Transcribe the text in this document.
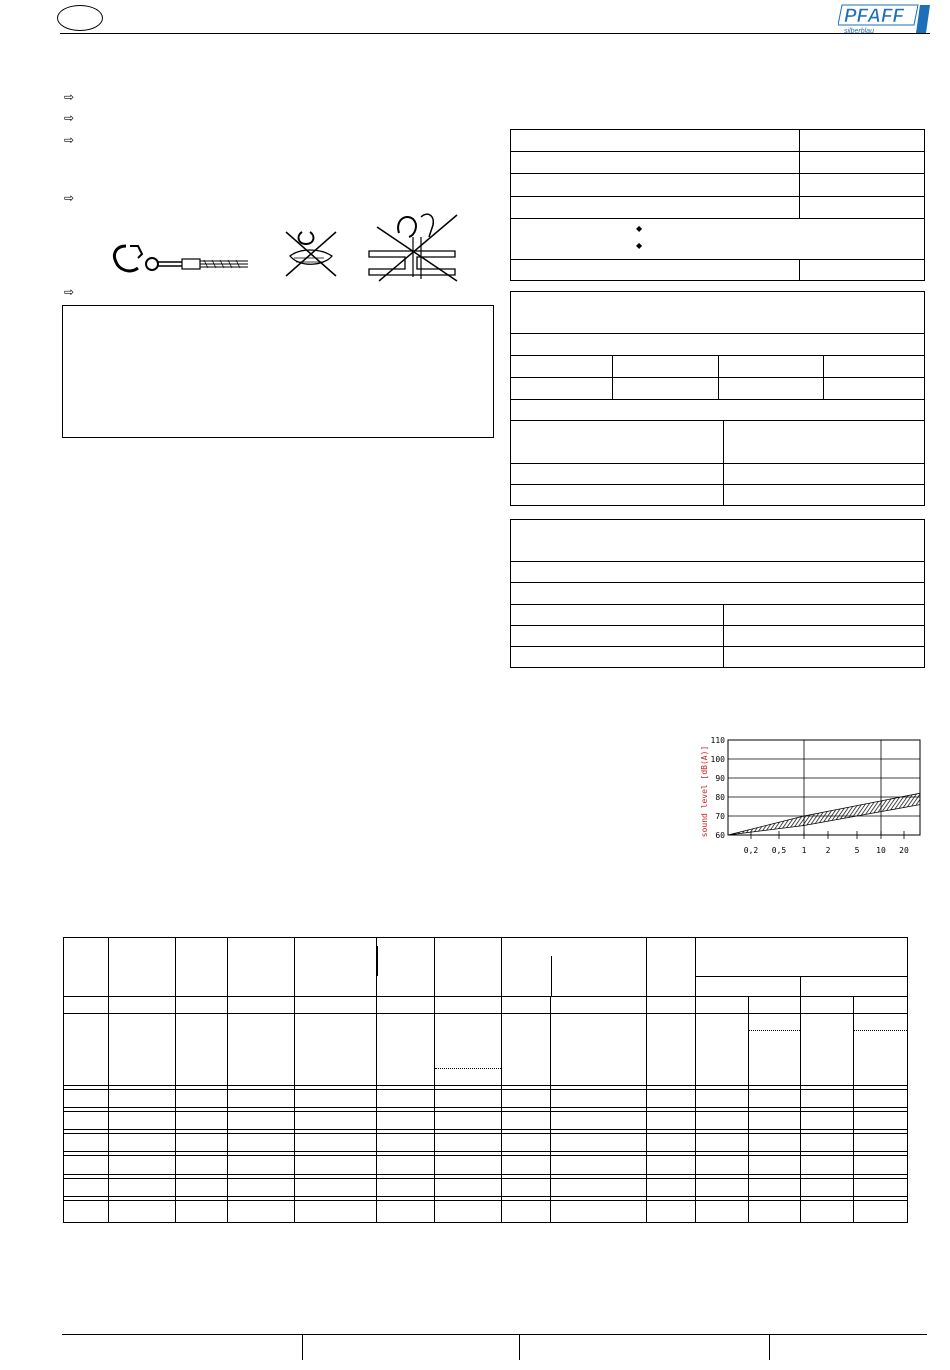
PFAFF
silberblau
⇨
⇨
⇨
⇨
⇨
◆
◆
60
70
80
90
100
110
0,2 0,5 1 2	5 10 20
sound level [dB(A)]
